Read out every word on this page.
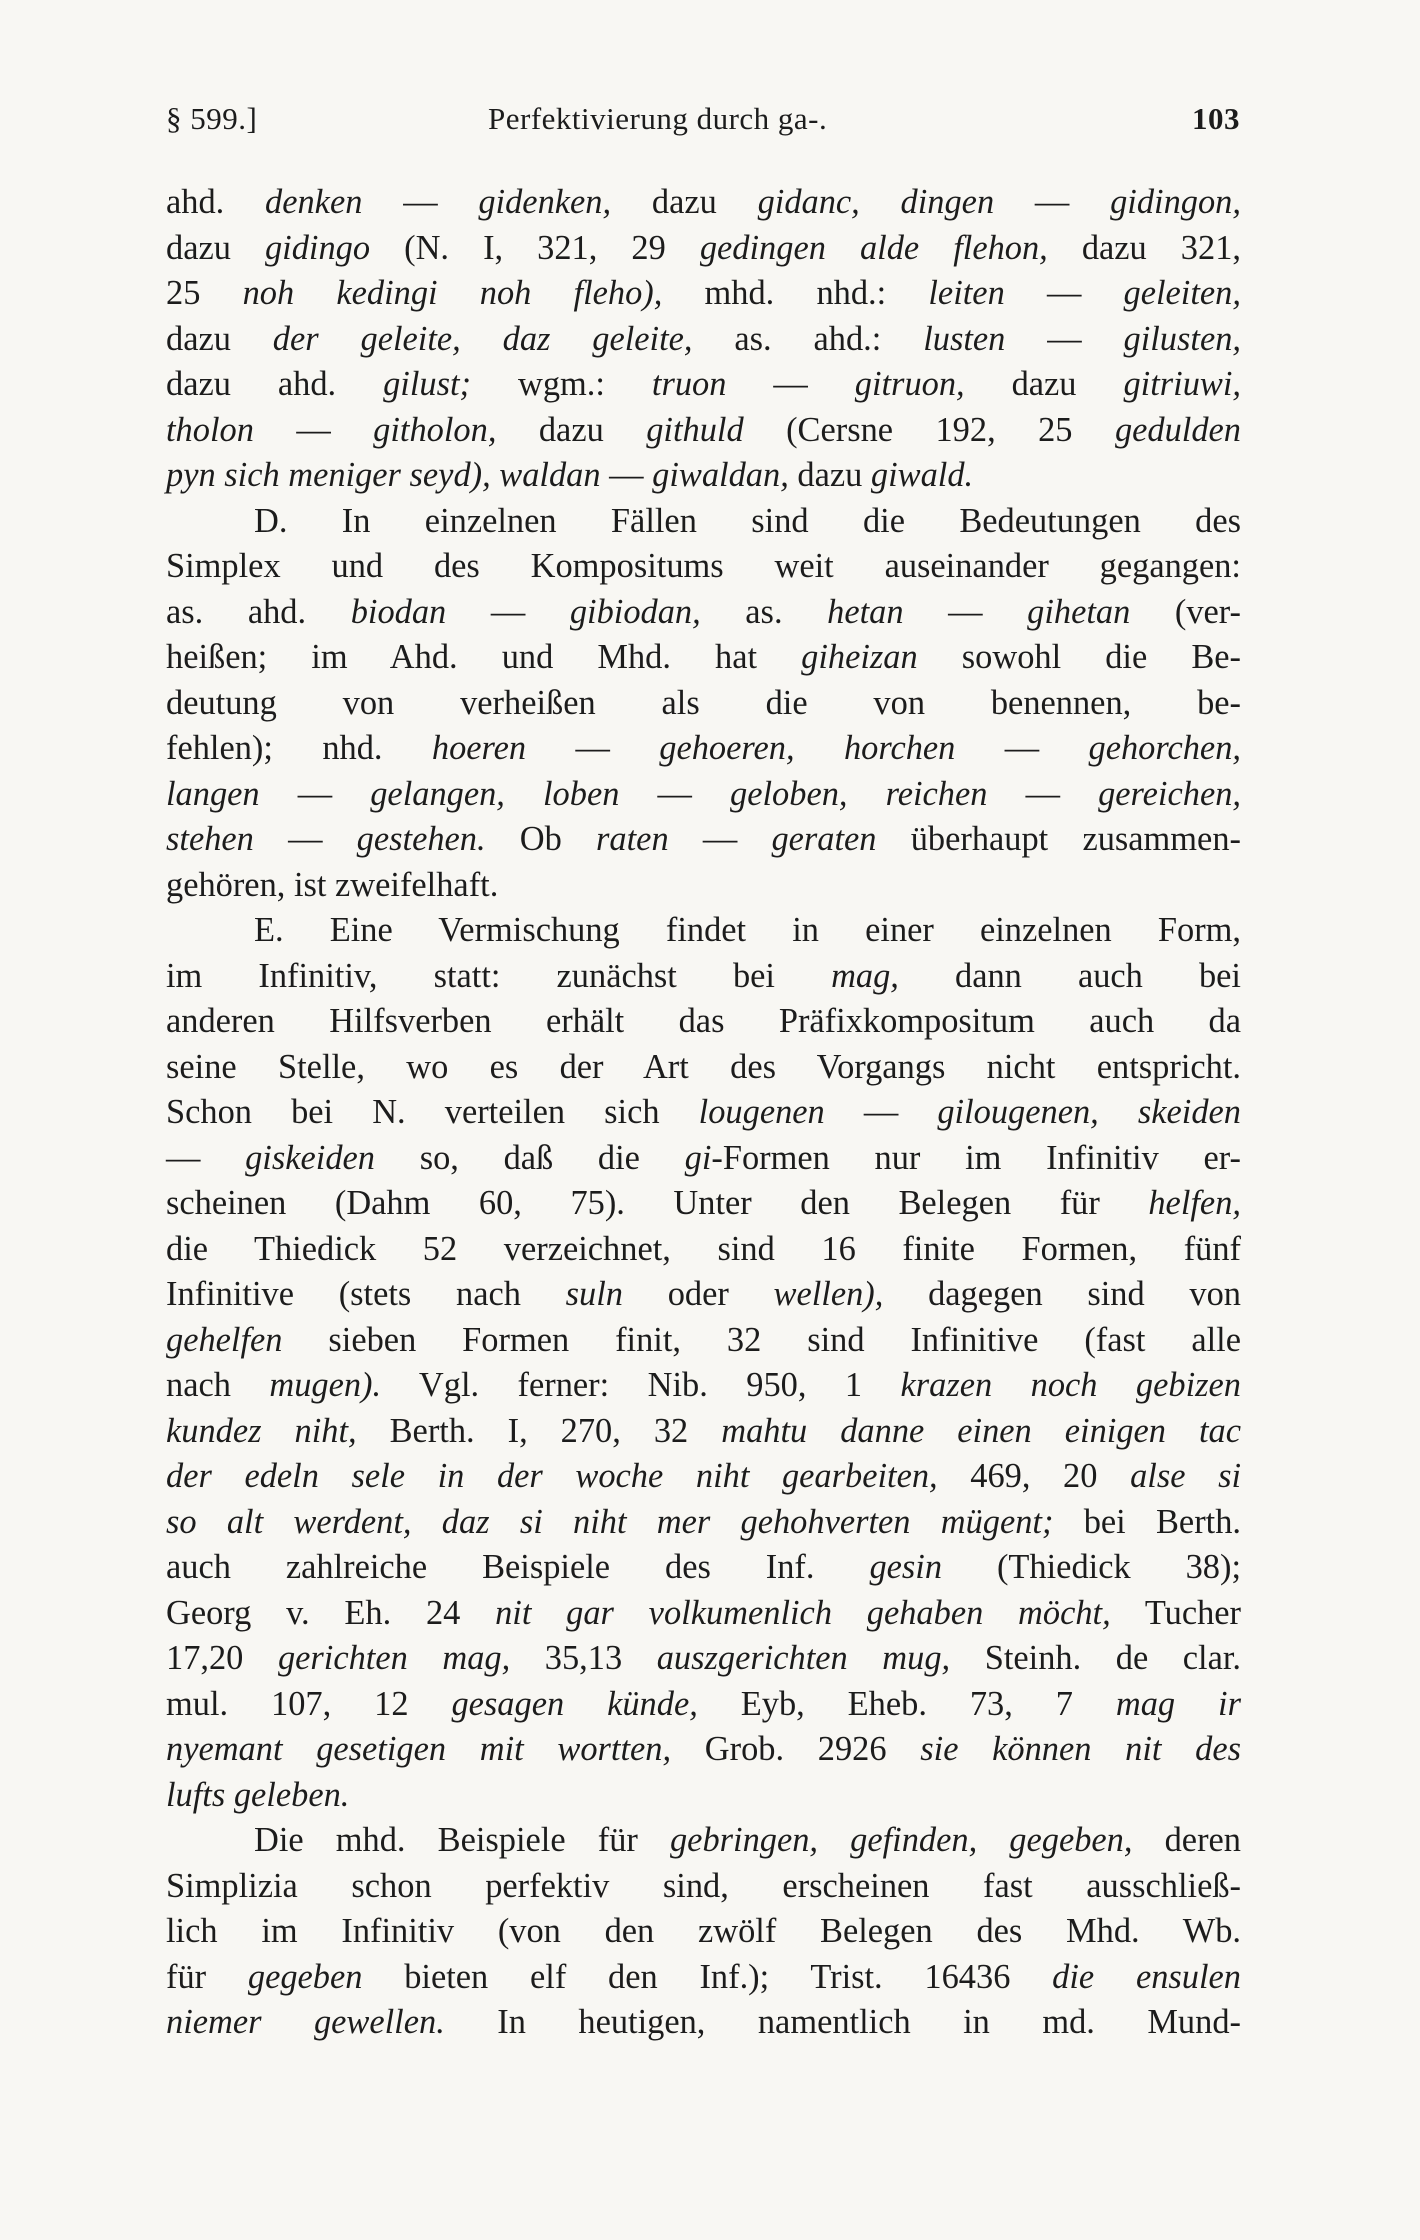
§ 599.]	Perfektivierung durch ga-.	103
ahd. denken — gidenken, dazu gidanc, dingen — gidingon,
dazu gidingo (N. I, 321, 29 gedingen alde flehon, dazu 321,
25 noh kedingi noh fleho), mhd. nhd.: leiten — geleiten,
dazu der geleite, daz geleite, as. ahd.: lusten — gilusten,
dazu ahd. gilust; wgm.: truon — gitruon, dazu gitriuwi,
tholon — githolon, dazu githuld (Cersne 192, 25 geduldеn
pyn sich meniger seyd), waldan — giwaldan, dazu giwald.
D. In einzelnen Fällen sind die Bedeutungen des
Simplex und des Kompositums weit auseinander gegangen:
as. ahd. biodan — gibiodan, as. hetan — gihetan (ver-
heißen; im Ahd. und Mhd. hat giheizan sowohl die Be-
deutung von verheißen als die von benennen, be-
fehlen); nhd. hoeren — gehoeren, horchen — gehorchen,
langen — gelangen, loben — geloben, reichen — gereichen,
stehen — gestehen. Ob raten — geraten überhaupt zusammen-
gehören, ist zweifelhaft.
E. Eine Vermischung findet in einer einzelnen Form,
im Infinitiv, statt: zunächst bei mag, dann auch bei
anderen Hilfsverben erhält das Präfixkompositum auch da
seine Stelle, wo es der Art des Vorgangs nicht entspricht.
Schon bei N. verteilen sich lougenen — gilougenen, skeiden
— giskeiden so, daß die gi-Formen nur im Infinitiv er-
scheinen (Dahm 60, 75). Unter den Belegen für helfen,
die Thiedick 52 verzeichnet, sind 16 finite Formen, fünf
Infinitive (stets nach suln oder wellen), dagegen sind von
gehelfen sieben Formen finit, 32 sind Infinitive (fast alle
nach mugen). Vgl. ferner: Nib. 950, 1 krazen noch gebizen
kundez niht, Berth. I, 270, 32 mahtu danne einen einigen tac
der edeln sele in der woche niht gearbeiten, 469, 20 alse si
so alt werdent, daz si niht mer gehohverten mügent; bei Berth.
auch zahlreiche Beispiele des Inf. gesin (Thiedick 38);
Georg v. Eh. 24 nit gar volkumenlich gehaben möcht, Tucher
17,20 gerichten mag, 35,13 auszgerichten mug, Steinh. de clar.
mul. 107, 12 gesagen künde, Eyb, Eheb. 73, 7 mag ir
nyemant gesetigen mit wortten, Grob. 2926 sie können nit des
lufts geleben.
Die mhd. Beispiele für gebringen, gefinden, gegeben, deren
Simplizia schon perfektiv sind, erscheinen fast ausschließ-
lich im Infinitiv (von den zwölf Belegen des Mhd. Wb.
für gegeben bieten elf den Inf.); Trist. 16436 die ensulen
niemer gewellen. In heutigen, namentlich in md. Mund-
